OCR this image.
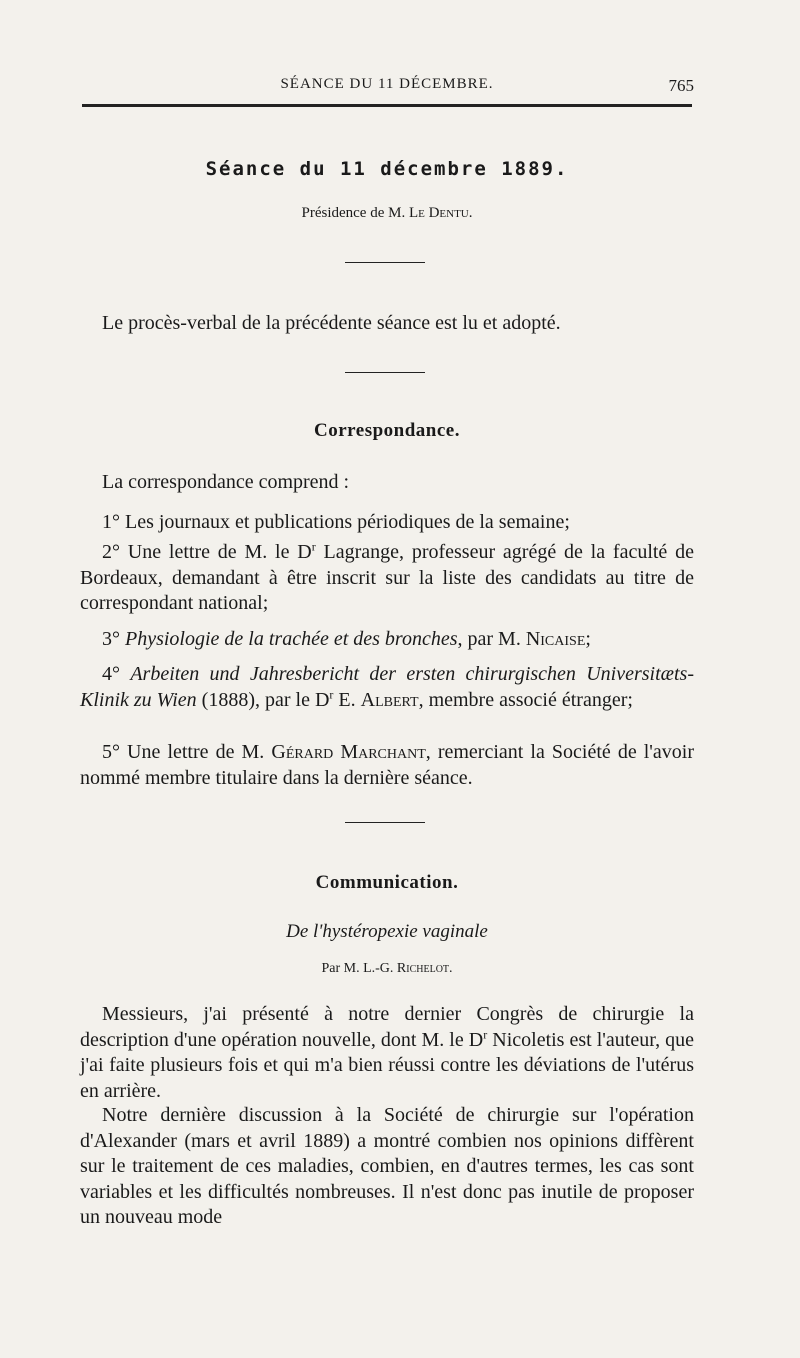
SÉANCE DU 11 DÉCEMBRE.	765
Séance du 11 décembre 1889.
Présidence de M. Le Dentu.
Le procès-verbal de la précédente séance est lu et adopté.
Correspondance.
La correspondance comprend :
1° Les journaux et publications périodiques de la semaine;
2° Une lettre de M. le $D^r$ Lagrange, professeur agrégé de la faculté de Bordeaux, demandant à être inscrit sur la liste des candidats au titre de correspondant national;
3° Physiologie de la trachée et des bronches, par M. Nicaise;
4° Arbeiten und Jahresbericht der ersten chirurgischen Universitæts-Klinik zu Wien (1888), par le $D^r$ E. Albert, membre associé étranger;
5° Une lettre de M. Gérard Marchant, remerciant la Société de l'avoir nommé membre titulaire dans la dernière séance.
Communication.
De l'hystéropexie vaginale
Par M. L.-G. Richelot.
Messieurs, j'ai présenté à notre dernier Congrès de chirurgie la description d'une opération nouvelle, dont M. le $D^r$ Nicoletis est l'auteur, que j'ai faite plusieurs fois et qui m'a bien réussi contre les déviations de l'utérus en arrière.
Notre dernière discussion à la Société de chirurgie sur l'opération d'Alexander (mars et avril 1889) a montré combien nos opinions diffèrent sur le traitement de ces maladies, combien, en d'autres termes, les cas sont variables et les difficultés nombreuses. Il n'est donc pas inutile de proposer un nouveau mode
